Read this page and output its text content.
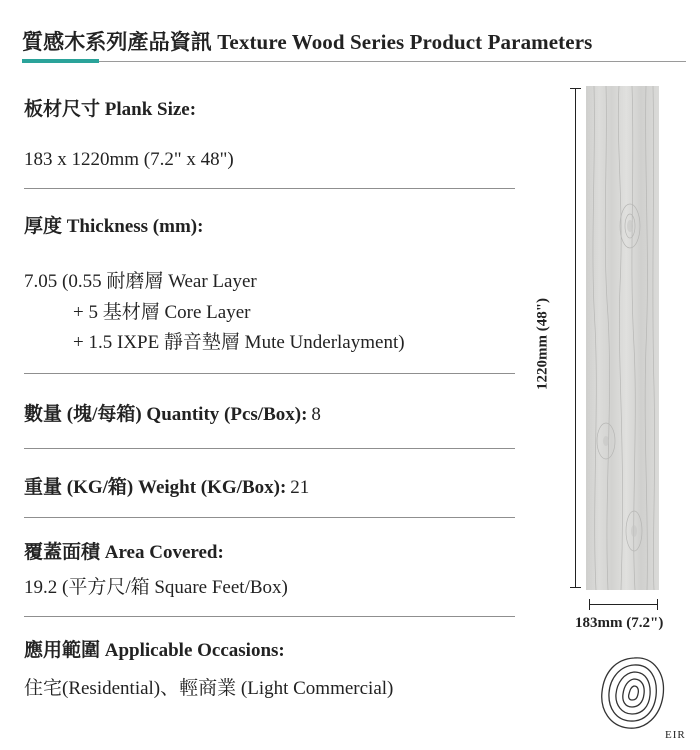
質感木系列產品資訊 Texture Wood Series Product Parameters
板材尺寸 Plank Size:
183 x 1220mm (7.2" x 48")
厚度 Thickness (mm):
7.05 (0.55 耐磨層 Wear Layer
+ 5 基材層 Core Layer
+ 1.5 IXPE 靜音墊層 Mute Underlayment)
數量 (塊/每箱) Quantity (Pcs/Box): 8
重量 (KG/箱) Weight (KG/Box): 21
覆蓋面積 Area Covered:
19.2 (平方尺/箱 Square Feet/Box)
應用範圍 Applicable Occasions:
住宅(Residential)、輕商業 (Light Commercial)
1220mm (48")
183mm (7.2")
EIR
